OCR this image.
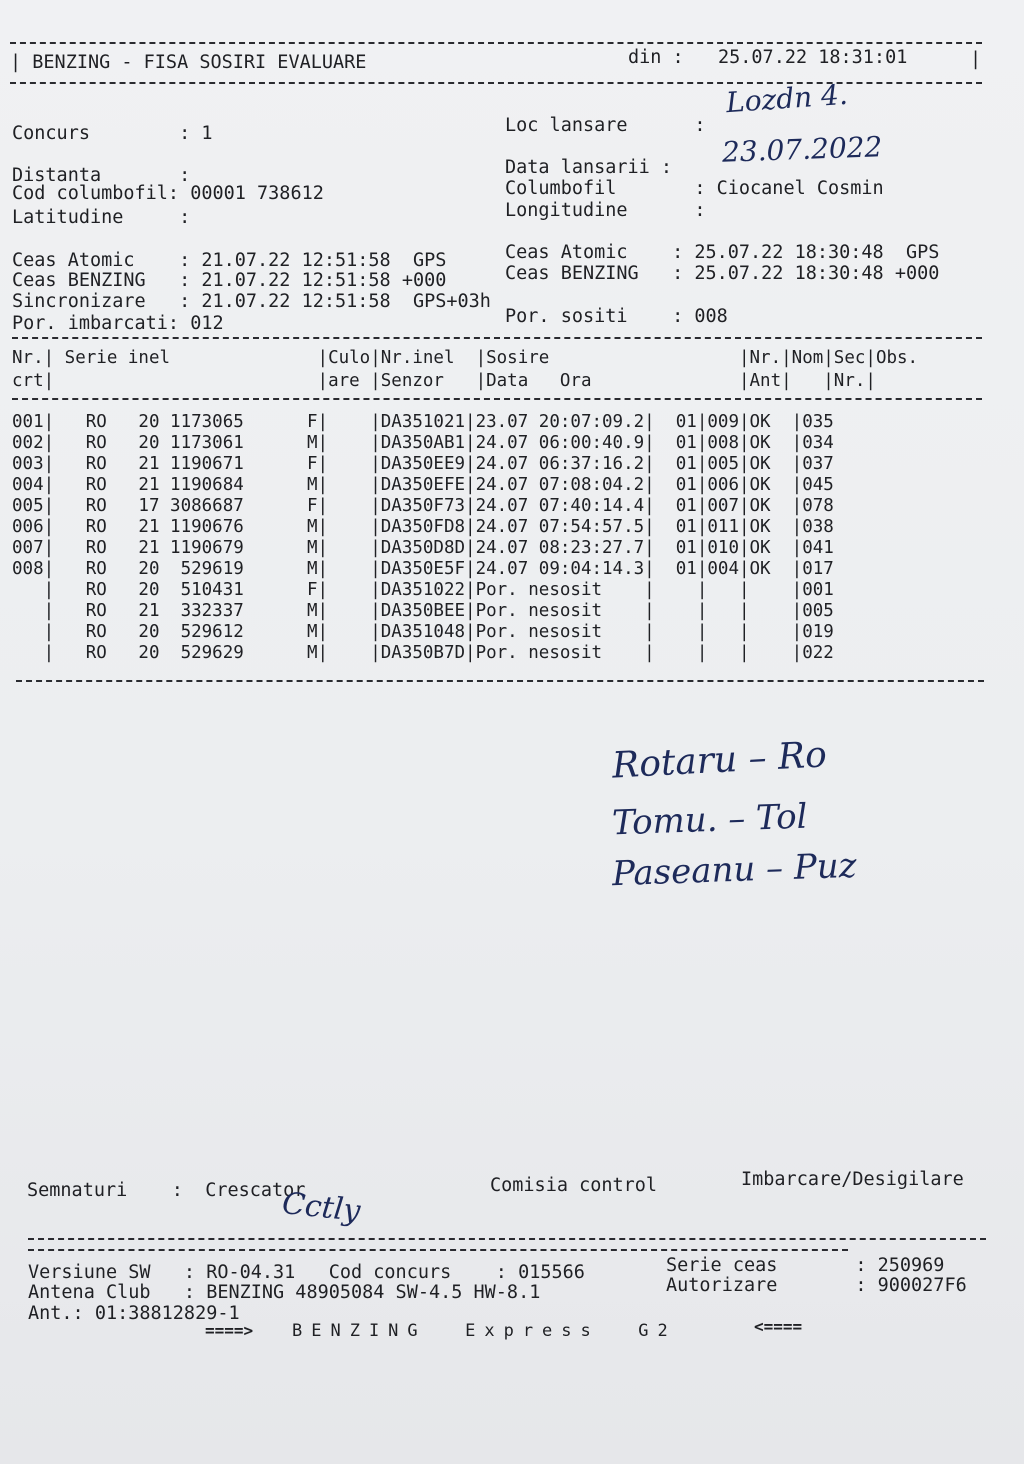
| BENZING - FISA SOSIRI EVALUARE	din : 25.07.22 18:31:01	|
Concurs        : 1
Distanta       :
Cod columbofil: 00001 738612
Latitudine     :
Loc lansare      :
Data lansarii :
Columbofil       : Ciocanel Cosmin
Longitudine      :
Lozdn 4.
23.07.2022
Ceas Atomic    : 21.07.22 12:51:58  GPS
Ceas BENZING   : 21.07.22 12:51:58 +000
Sincronizare   : 21.07.22 12:51:58  GPS+03h
Por. imbarcati: 012
Ceas Atomic    : 25.07.22 18:30:48  GPS
Ceas BENZING   : 25.07.22 18:30:48 +000
Por. sositi    : 008
Nr.| Serie inel              |Culo|Nr.inel  |Sosire                  |Nr.|Nom|Sec|Obs.
crt|                         |are |Senzor   |Data   Ora              |Ant|   |Nr.|
001|   RO   20 1173065      F|    |DA351021|23.07 20:07:09.2|  01|009|OK  |035
002|   RO   20 1173061      M|    |DA350AB1|24.07 06:00:40.9|  01|008|OK  |034
003|   RO   21 1190671      F|    |DA350EE9|24.07 06:37:16.2|  01|005|OK  |037
004|   RO   21 1190684      M|    |DA350EFE|24.07 07:08:04.2|  01|006|OK  |045
005|   RO   17 3086687      F|    |DA350F73|24.07 07:40:14.4|  01|007|OK  |078
006|   RO   21 1190676      M|    |DA350FD8|24.07 07:54:57.5|  01|011|OK  |038
007|   RO   21 1190679      M|    |DA350D8D|24.07 08:23:27.7|  01|010|OK  |041
008|   RO   20  529619      M|    |DA350E5F|24.07 09:04:14.3|  01|004|OK  |017
|   RO   20  510431      F|    |DA351022|Por. nesosit    |    |   |    |001
|   RO   21  332337      M|    |DA350BEE|Por. nesosit    |    |   |    |005
|   RO   20  529612      M|    |DA351048|Por. nesosit    |    |   |    |019
|   RO   20  529629      M|    |DA350B7D|Por. nesosit    |    |   |    |022
Rotaru – Ro
Tomu. – Tol
Paseanu – Puz
Semnaturi    :  Crescator	Comisia control	Imbarcare/Desigilare
Cctly
Versiune SW   : RO-04.31   Cod concurs    : 015566
Antena Club   : BENZING 48905084 SW-4.5 HW-8.1
Ant.: 01:38812829-1
Serie ceas       : 250969
Autorizare       : 900027F6
====> BENZING  Express  G2	<====
